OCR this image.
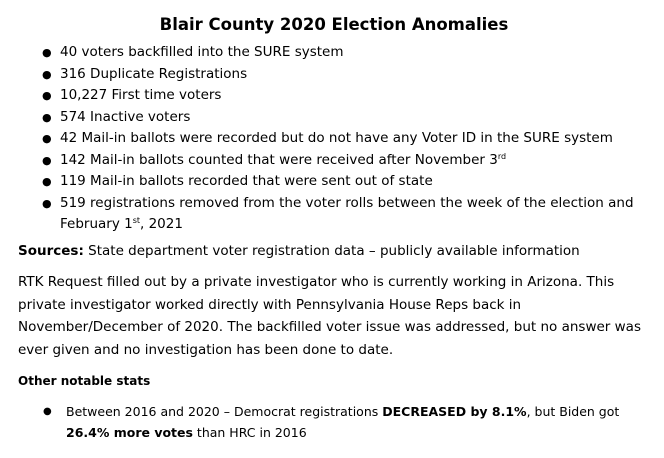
Blair County 2020 Election Anomalies
● 40 voters backfilled into the SURE system
● 316 Duplicate Registrations
● 10,227 First time voters
● 574 Inactive voters
● 42 Mail-in ballots were recorded but do not have any Voter ID in the SURE system
● 142 Mail-in ballots counted that were received after November 3rd
● 119 Mail-in ballots recorded that were sent out of state
● 519 registrations removed from the voter rolls between the week of the election and February 1st, 2021

Sources: State department voter registration data – publicly available information

RTK Request filled out by a private investigator who is currently working in Arizona. This private investigator worked directly with Pennsylvania House Reps back in November/December of 2020. The backfilled voter issue was addressed, but no answer was ever given and no investigation has been done to date.

Other notable stats

● Between 2016 and 2020 – Democrat registrations DECREASED by 8.1%, but Biden got 26.4% more votes than HRC in 2016
